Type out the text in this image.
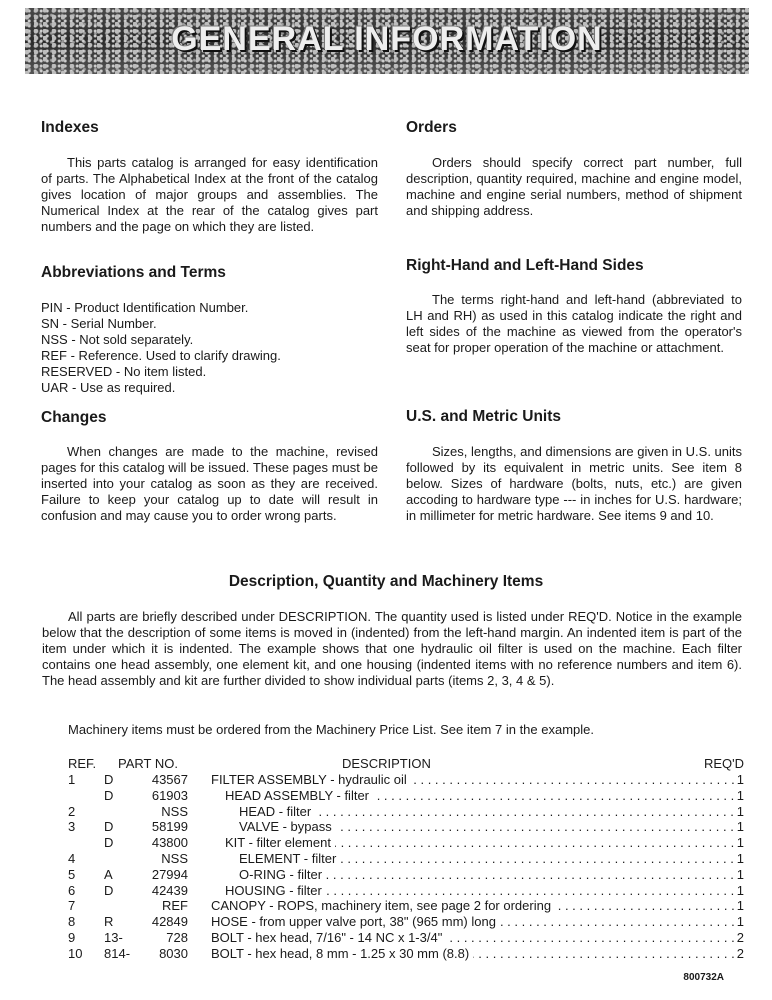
GENERAL INFORMATION
Indexes

This parts catalog is arranged for easy identification of parts. The Alphabetical Index at the front of the catalog gives location of major groups and assemblies. The Numerical Index at the rear of the catalog gives part numbers and the page on which they are listed.

Abbreviations and Terms
PIN - Product Identification Number.
SN - Serial Number.
NSS - Not sold separately.
REF - Reference. Used to clarify drawing.
RESERVED - No item listed.
UAR - Use as required.
Changes

When changes are made to the machine, revised pages for this catalog will be issued. These pages must be inserted into your catalog as soon as they are received. Failure to keep your catalog up to date will result in confusion and may cause you to order wrong parts.

Orders

Orders should specify correct part number, full description, quantity required, machine and engine model, machine and engine serial numbers, method of shipment and shipping address.

Right-Hand and Left-Hand Sides

The terms right-hand and left-hand (abbreviated to LH and RH) as used in this catalog indicate the right and left sides of the machine as viewed from the operator's seat for proper operation of the machine or attachment.

U.S. and Metric Units

Sizes, lengths, and dimensions are given in U.S. units followed by its equivalent in metric units. See item 8 below. Sizes of hardware (bolts, nuts, etc.) are given accoding to hardware type --- in inches for U.S. hardware; in millimeter for metric hardware. See items 9 and 10.

Description, Quantity and Machinery Items

All parts are briefly described under DESCRIPTION. The quantity used is listed under REQ'D. Notice in the example below that the description of some items is moved in (indented) from the left-hand margin. An indented item is part of the item under which it is indented. The example shows that one hydraulic oil filter is used on the machine. Each filter contains one head assembly, one element kit, and one housing (indented items with no reference numbers and item 6). The head assembly and kit are further divided to show individual parts (items 2, 3, 4 & 5).

Machinery items must be ordered from the Machinery Price List. See item 7 in the example.

REF. PART NO.	DESCRIPTION	REQ'D
1 D	43567 FILTER ASSEMBLY - hydraulic oil . . .	1
D	61903	HEAD ASSEMBLY - filter . . .	1
2	NSS	HEAD - filter . . .	1
3 D	58199	VALVE - bypass . . .	1
D	43800	KIT - filter element . . .	1
4	NSS	ELEMENT - filter . . .	1
5 A	27994	O-RING - filter . . .	1
6 D	42439	HOUSING - filter . . .	1
7	REF CANOPY - ROPS, machinery item, see page 2 for ordering . . .	1
8 R	42849 HOSE - from upper valve port, 38" (965 mm) long . . .	1
9 13-	728 BOLT - hex head, 7/16" - 14 NC x 1-3/4" . . .	2
10 814-	8030 BOLT - hex head, 8 mm - 1.25 x 30 mm (8.8) . . .	2
800732A
